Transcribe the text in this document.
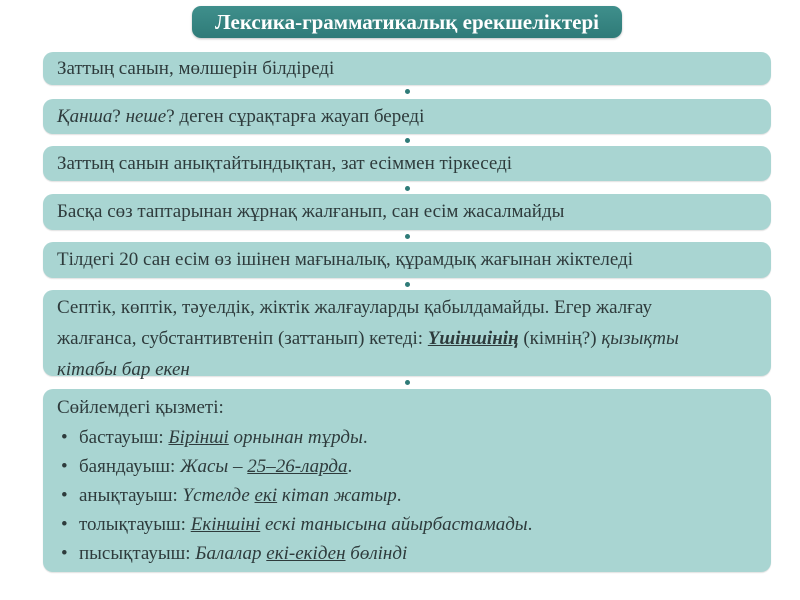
Лексика-грамматикалық ерекшеліктері
Заттың санын, мөлшерін білдіреді
Қанша? неше? деген сұрақтарға жауап береді
Заттың санын анықтайтындықтан, зат есіммен тіркеседі
Басқа сөз таптарынан жұрнақ жалғанып, сан есім жасалмайды
Тілдегі 20 сан есім өз ішінен мағыналық, құрамдық жағынан жіктеледі
Септік, көптік, тәуелдік, жіктік жалғауларды қабылдамайды. Егер жалғау
жалғанса, субстантивтеніп (заттанып) кетеді: Үшіншінің (кімнің?) қызықты
кітабы бар екен
Сөйлемдегі қызметі:
• бастауыш: Бірінші орнынан тұрды.
• баяндауыш: Жасы – 25–26-ларда.
• анықтауыш: Үстелде екі кітап жатыр.
• толықтауыш: Екіншіні ескі танысына айырбастамады.
• пысықтауыш: Балалар екі-екіден бөлінді
